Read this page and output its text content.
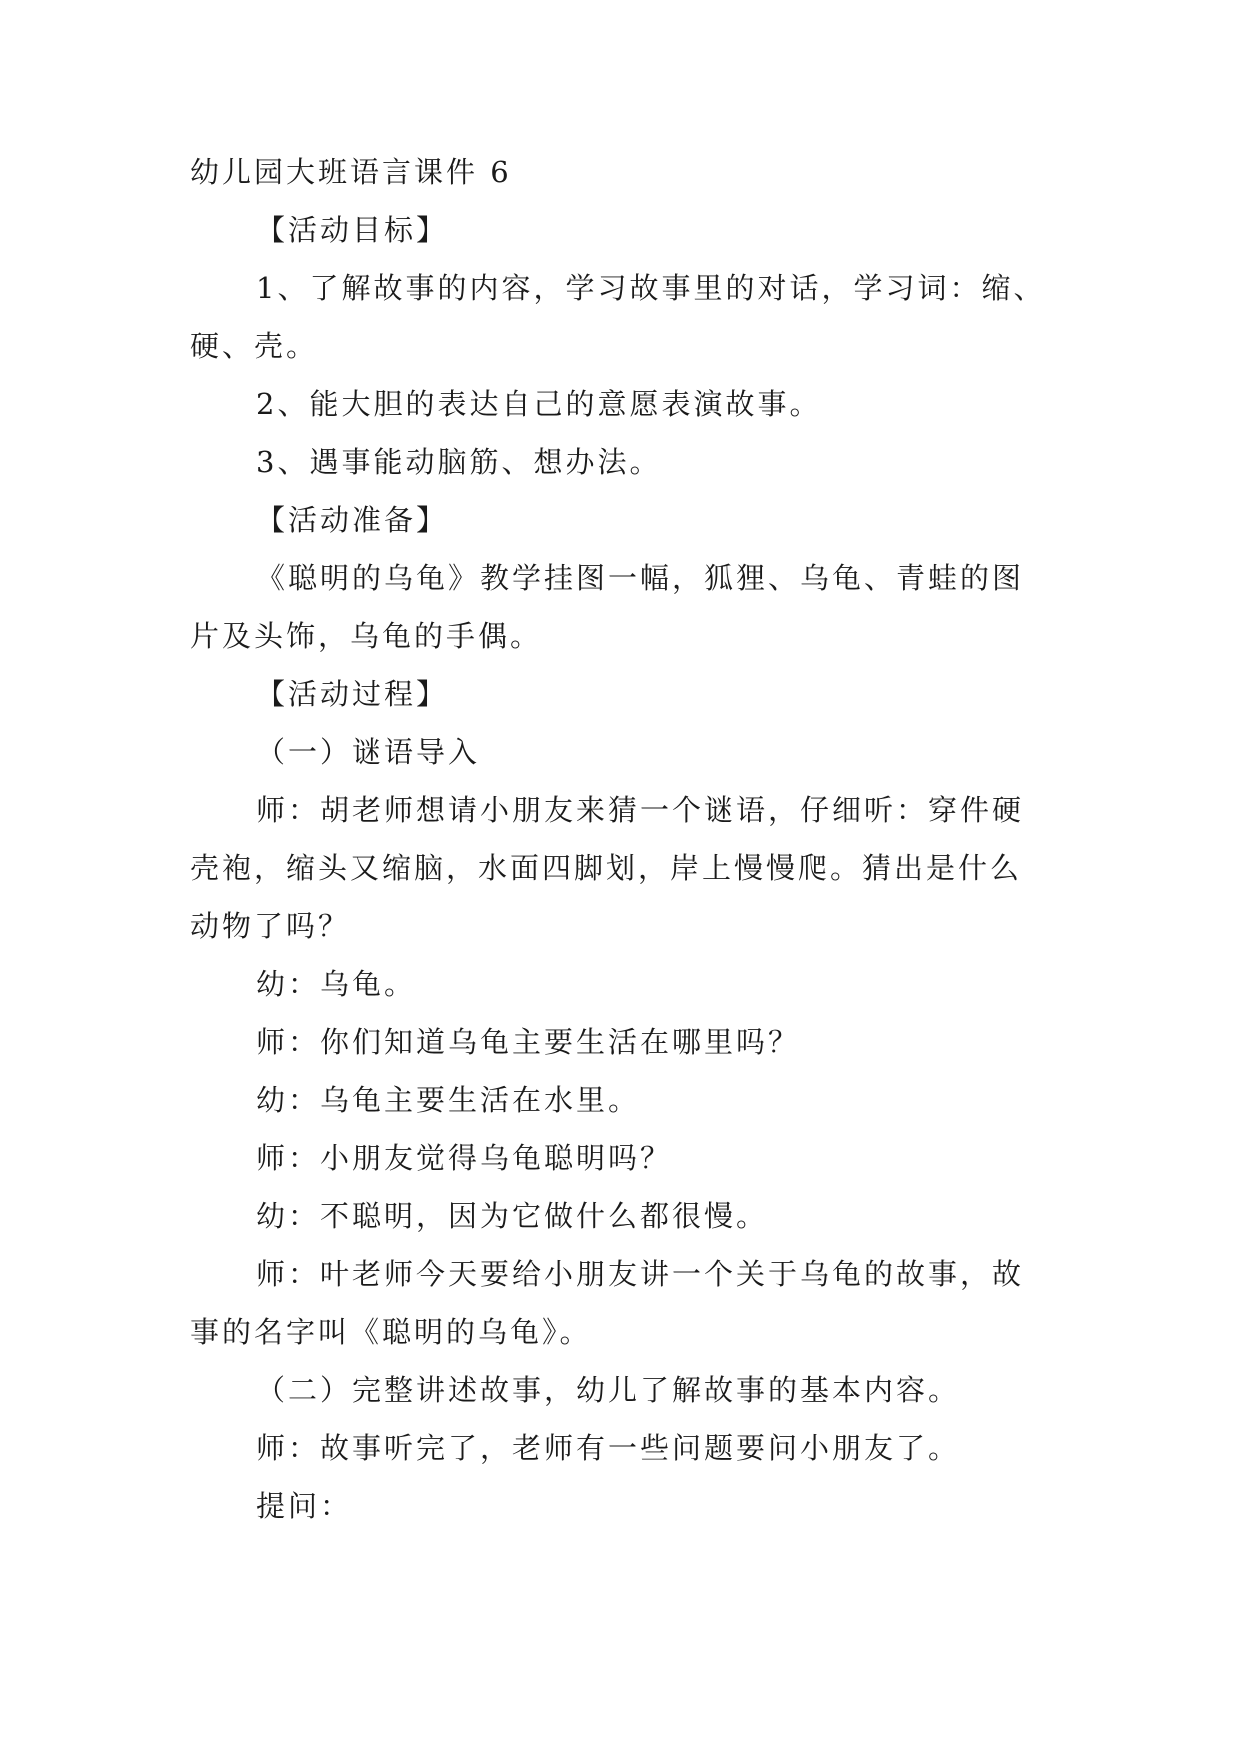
幼儿园大班语言课件 6
【活动目标】
1、了解故事的内容，学习故事里的对话，学习词：缩、
硬、壳。
2、能大胆的表达自己的意愿表演故事。
3、遇事能动脑筋、想办法。
【活动准备】
《聪明的乌龟》教学挂图一幅，狐狸、乌龟、青蛙的图
片及头饰，乌龟的手偶。
【活动过程】
（一）谜语导入
师：胡老师想请小朋友来猜一个谜语，仔细听：穿件硬
壳袍，缩头又缩脑，水面四脚划，岸上慢慢爬。猜出是什么
动物了吗？
幼：乌龟。
师：你们知道乌龟主要生活在哪里吗？
幼：乌龟主要生活在水里。
师：小朋友觉得乌龟聪明吗？
幼：不聪明，因为它做什么都很慢。
师：叶老师今天要给小朋友讲一个关于乌龟的故事，故
事的名字叫《聪明的乌龟》。
（二）完整讲述故事，幼儿了解故事的基本内容。
师：故事听完了，老师有一些问题要问小朋友了。
提问：
